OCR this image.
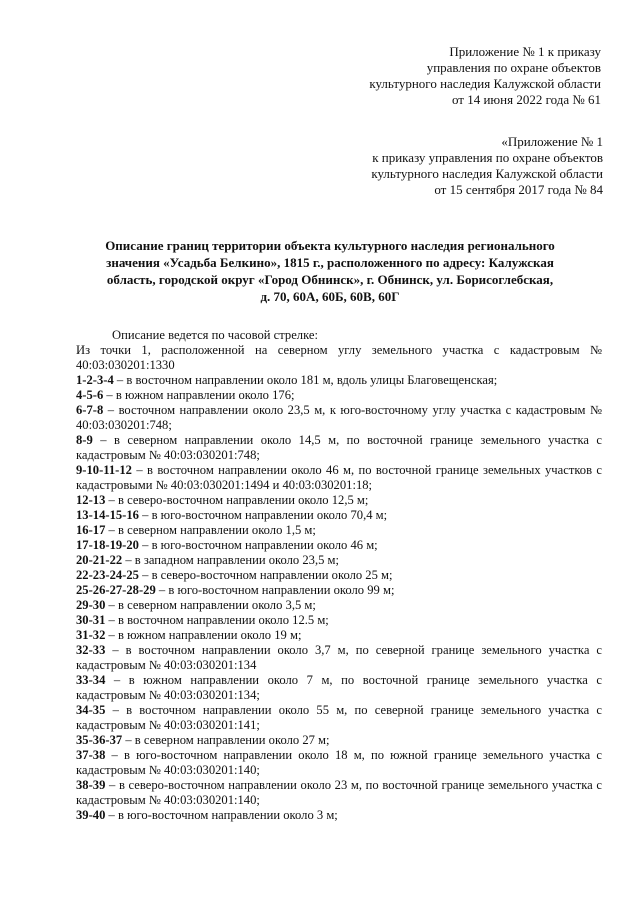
Приложение № 1 к приказу
управления по охране объектов
культурного наследия Калужской области
от 14 июня 2022 года № 61
«Приложение № 1
к приказу управления по охране объектов
культурного наследия Калужской области
от 15 сентября 2017 года № 84
Описание границ территории объекта культурного наследия регионального
значения «Усадьба Белкино», 1815 г., расположенного по адресу: Калужская
область, городской округ «Город Обнинск», г. Обнинск, ул. Борисоглебская,
д. 70, 60А, 60Б, 60В, 60Г
Описание ведется по часовой стрелке:
Из точки 1, расположенной на северном углу земельного участка с кадастровым № 40:03:030201:1330
1-2-3-4 – в восточном направлении около 181 м, вдоль улицы Благовещенская;
4-5-6 – в южном направлении около 176;
6-7-8 – восточном направлении около 23,5 м, к юго-восточному углу участка с кадастровым № 40:03:030201:748;
8-9 – в северном направлении около 14,5 м, по восточной границе земельного участка с кадастровым № 40:03:030201:748;
9-10-11-12 – в восточном направлении около 46 м, по восточной границе земельных участков с кадастровыми № 40:03:030201:1494 и 40:03:030201:18;
12-13 – в северо-восточном направлении около 12,5 м;
13-14-15-16 – в юго-восточном направлении около 70,4 м;
16-17 – в северном направлении около 1,5 м;
17-18-19-20 – в юго-восточном направлении около 46 м;
20-21-22 – в западном направлении около 23,5 м;
22-23-24-25 – в северо-восточном направлении около 25 м;
25-26-27-28-29 – в юго-восточном направлении около 99 м;
29-30 – в северном направлении около 3,5 м;
30-31 – в восточном направлении около 12.5 м;
31-32 – в южном направлении около 19 м;
32-33 – в восточном направлении около 3,7 м, по северной границе земельного участка с кадастровым № 40:03:030201:134
33-34 – в южном направлении около 7 м, по восточной границе земельного участка с кадастровым № 40:03:030201:134;
34-35 – в восточном направлении около 55 м, по северной границе земельного участка с кадастровым № 40:03:030201:141;
35-36-37 – в северном направлении около 27 м;
37-38 – в юго-восточном направлении около 18 м, по южной границе земельного участка с кадастровым № 40:03:030201:140;
38-39 – в северо-восточном направлении около 23 м, по восточной границе земельного участка с кадастровым № 40:03:030201:140;
39-40 – в юго-восточном направлении около 3 м;
